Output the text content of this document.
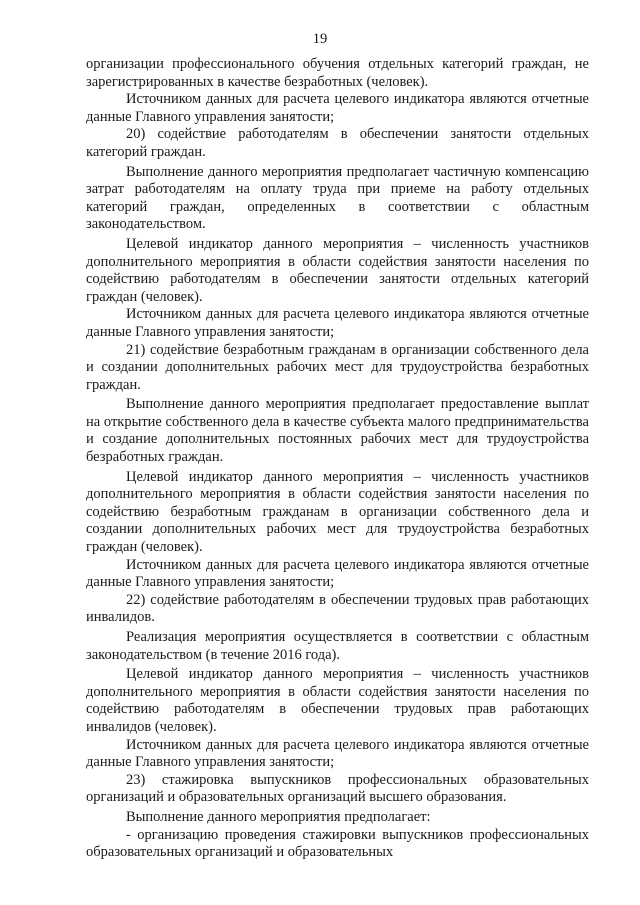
19

организации профессионального обучения отдельных категорий граждан, не зарегистрированных в качестве безработных (человек).

Источником данных для расчета целевого индикатора являются отчетные данные Главного управления занятости;

20) содействие работодателям в обеспечении занятости отдельных категорий граждан.

Выполнение данного мероприятия предполагает частичную компенсацию затрат работодателям на оплату труда при приеме на работу отдельных категорий граждан, определенных в соответствии с областным законодательством.

Целевой индикатор данного мероприятия – численность участников дополнительного мероприятия в области содействия занятости населения по содействию работодателям в обеспечении занятости отдельных категорий граждан (человек).

Источником данных для расчета целевого индикатора являются отчетные данные Главного управления занятости;

21) содействие безработным гражданам в организации собственного дела и создании дополнительных рабочих мест для трудоустройства безработных граждан.

Выполнение данного мероприятия предполагает предоставление выплат на открытие собственного дела в качестве субъекта малого предпринимательства и создание дополнительных постоянных рабочих мест для трудоустройства безработных граждан.

Целевой индикатор данного мероприятия – численность участников дополнительного мероприятия в области содействия занятости населения по содействию безработным гражданам в организации собственного дела и создании дополнительных рабочих мест для трудоустройства безработных граждан (человек).

Источником данных для расчета целевого индикатора являются отчетные данные Главного управления занятости;

22) содействие работодателям в обеспечении трудовых прав работающих инвалидов.

Реализация мероприятия осуществляется в соответствии с областным законодательством (в течение 2016 года).

Целевой индикатор данного мероприятия – численность участников дополнительного мероприятия в области содействия занятости населения по содействию работодателям в обеспечении трудовых прав работающих инвалидов (человек).

Источником данных для расчета целевого индикатора являются отчетные данные Главного управления занятости;

23) стажировка выпускников профессиональных образовательных организаций и образовательных организаций высшего образования.

Выполнение данного мероприятия предполагает:

- организацию проведения стажировки выпускников профессиональных образовательных организаций и образовательных
